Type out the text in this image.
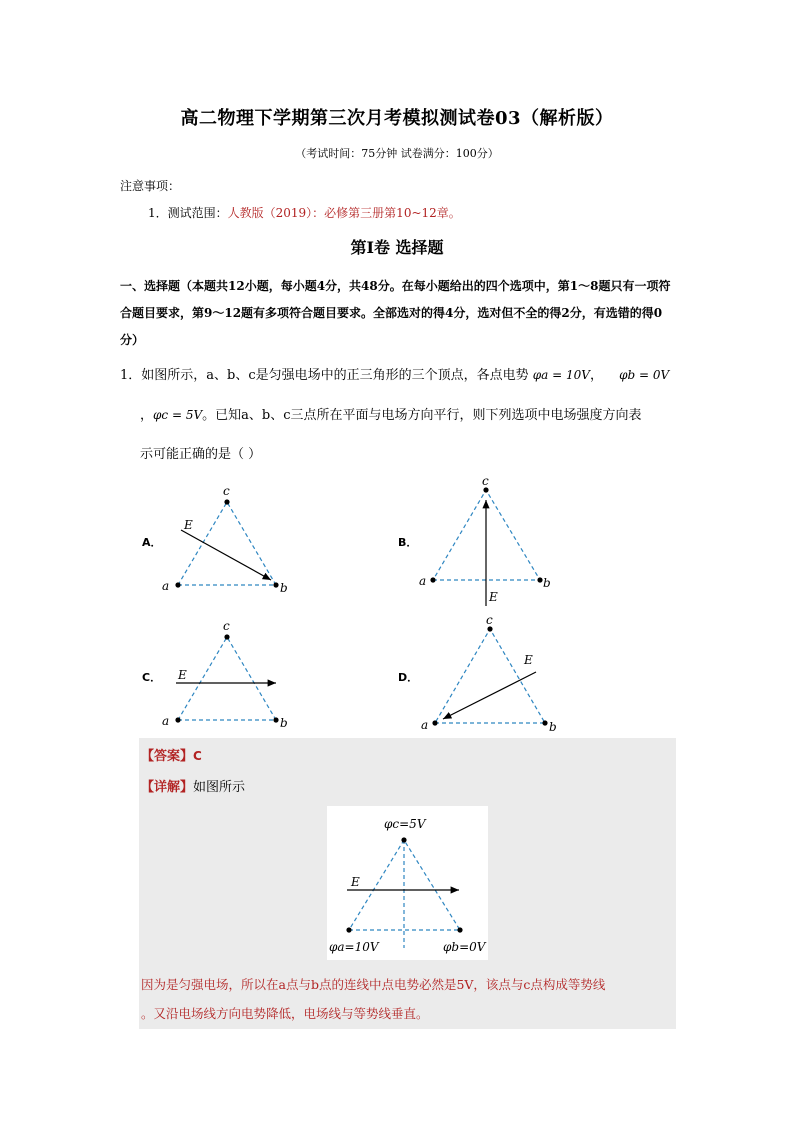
高二物理下学期第三次月考模拟测试卷03（解析版）
（考试时间：75分钟 试卷满分：100分）
注意事项：
1．测试范围：人教版（2019）：必修第三册第10~12章。
第Ⅰ卷 选择题
一、选择题（本题共12小题，每小题4分，共48分。在每小题给出的四个选项中，第1～8题只有一项符合题目要求，第9～12题有多项符合题目要求。全部选对的得4分，选对但不全的得2分，有选错的得0分）
1．如图所示，a、b、c是匀强电场中的正三角形的三个顶点，各点电势 φa = 10V， φb = 0V
，φc = 5V。已知a、b、c三点所在平面与电场方向平行，则下列选项中电场强度方向表
示可能正确的是（ ）
A．
a	b
c
E
B．
a	b
c
E
C．
a	b
c
E	D．
a	b
c
E
【答案】C
【详解】如图所示
φc=5V
φa=10V	φb=0V
E
因为是匀强电场，所以在a点与b点的连线中点电势必然是5V，该点与c点构成等势线
。又沿电场线方向电势降低，电场线与等势线垂直。
